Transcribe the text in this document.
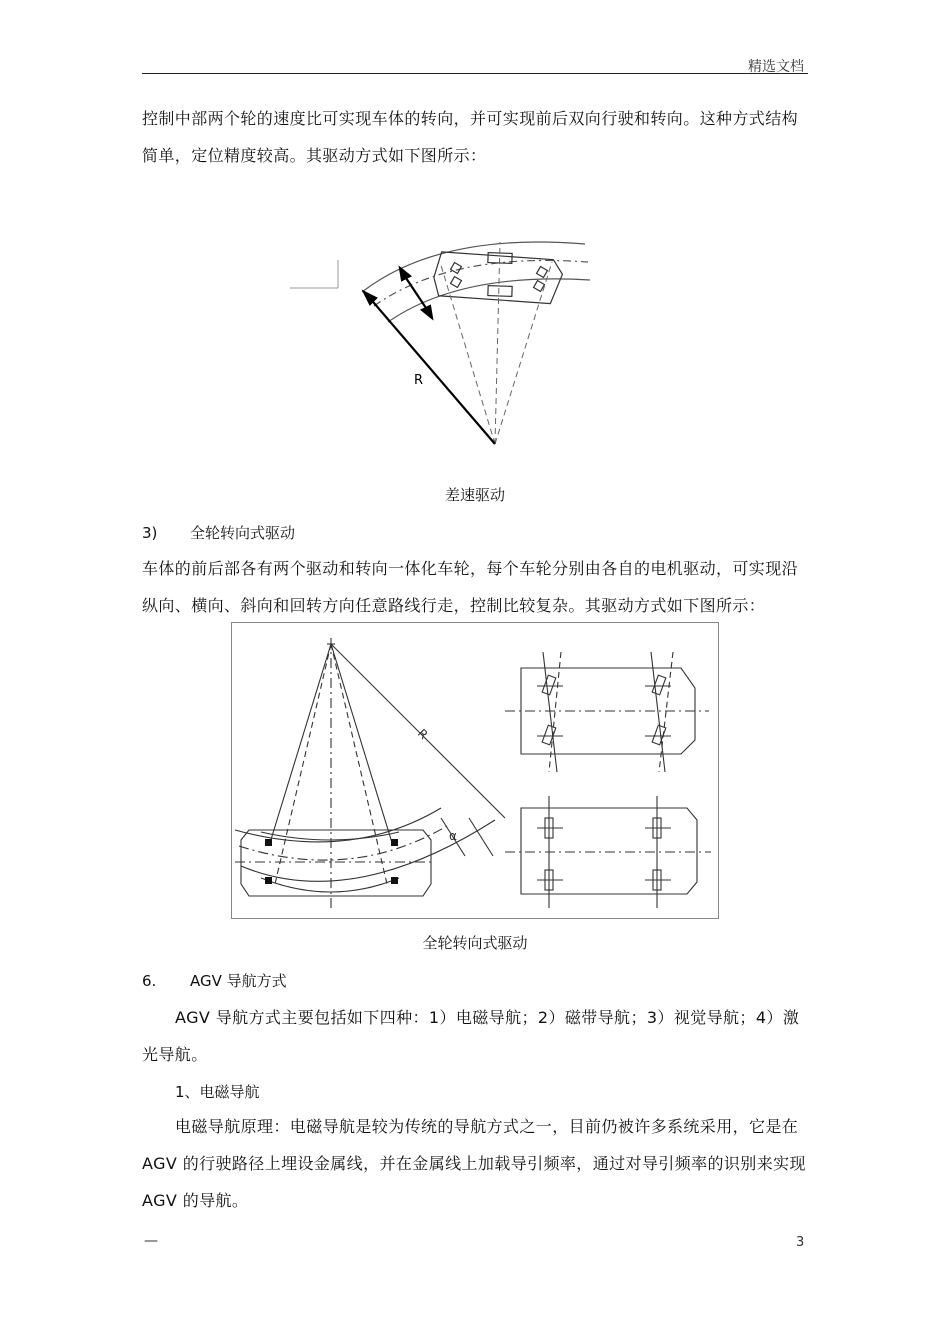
精选文档
控制中部两个轮的速度比可实现车体的转向，并可实现前后双向行驶和转向。这种方式结构简单，定位精度较高。其驱动方式如下图所示：
R
差速驱动
3) 全轮转向式驱动
车体的前后部各有两个驱动和转向一体化车轮，每个车轮分别由各自的电机驱动，可实现沿纵向、横向、斜向和回转方向任意路线行走，控制比较复杂。其驱动方式如下图所示：
R
α
全轮转向式驱动
6. AGV 导航方式
AGV 导航方式主要包括如下四种：1）电磁导航；2）磁带导航；3）视觉导航；4）激光导航。
1、电磁导航
电磁导航原理：电磁导航是较为传统的导航方式之一，目前仍被许多系统采用，它是在AGV 的行驶路径上埋设金属线，并在金属线上加载导引频率，通过对导引频率的识别来实现AGV 的导航。
—	3
